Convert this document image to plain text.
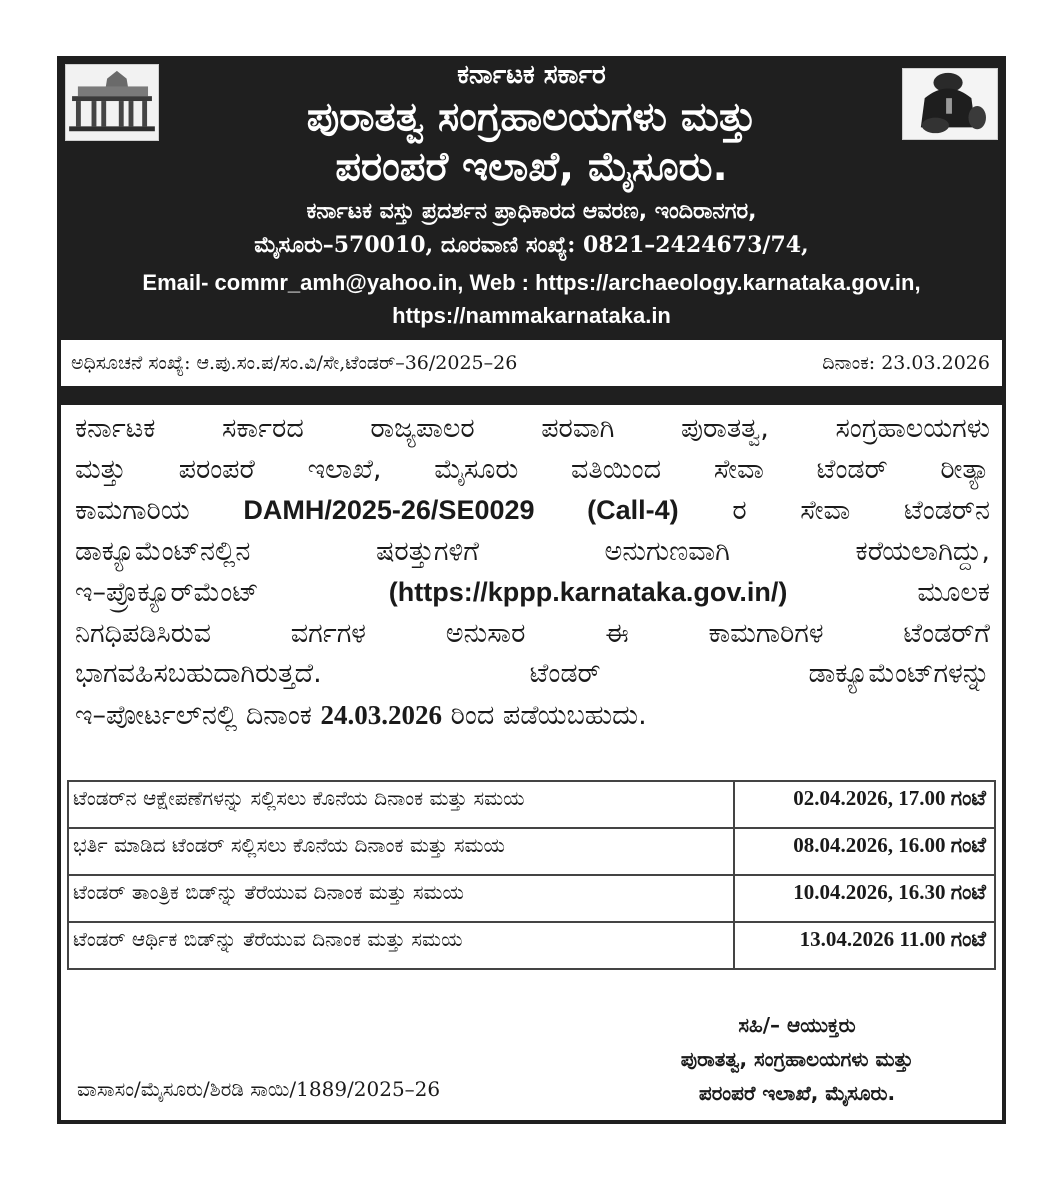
ಕರ್ನಾಟಕ ಸರ್ಕಾರ
ಪುರಾತತ್ವ ಸಂಗ್ರಹಾಲಯಗಳು ಮತ್ತು
ಪರಂಪರೆ ಇಲಾಖೆ, ಮೈಸೂರು.
ಕರ್ನಾಟಕ ವಸ್ತು ಪ್ರದರ್ಶನ ಪ್ರಾಧಿಕಾರದ ಆವರಣ, ಇಂದಿರಾನಗರ,
ಮೈಸೂರು–570010, ದೂರವಾಣಿ ಸಂಖ್ಯೆ: 0821–2424673/74,
Email- commr_amh@yahoo.in, Web : https://archaeology.karnataka.gov.in,
https://nammakarnataka.in
ಅಧಿಸೂಚನೆ ಸಂಖ್ಯೆ: ಆ.ಪು.ಸಂ.ಪ/ಸಂ.ವಿ/ಸೇ,ಟೆಂಡರ್–36/2025–26	ದಿನಾಂಕ: 23.03.2026
ಕರ್ನಾಟಕ ಸರ್ಕಾರದ ರಾಜ್ಯಪಾಲರ ಪರವಾಗಿ ಪುರಾತತ್ವ, ಸಂಗ್ರಹಾಲಯಗಳು
ಮತ್ತು ಪರಂಪರೆ ಇಲಾಖೆ, ಮೈಸೂರು ವತಿಯಿಂದ ಸೇವಾ ಟೆಂಡರ್ ರೀತ್ಯಾ
ಕಾಮಗಾರಿಯ DAMH/2025-26/SE0029 (Call-4) ರ ಸೇವಾ ಟೆಂಡರ್‌ನ
ಡಾಕ್ಯೂಮೆಂಟ್‌ನಲ್ಲಿನ ಷರತ್ತುಗಳಿಗೆ ಅನುಗುಣವಾಗಿ ಕರೆಯಲಾಗಿದ್ದು,
ಇ–ಪ್ರೊಕ್ಯೂರ್‌ಮೆಂಟ್	(https://kppp.karnataka.gov.in/)	ಮೂಲಕ
ನಿಗಧಿಪಡಿಸಿರುವ ವರ್ಗಗಳ ಅನುಸಾರ ಈ ಕಾಮಗಾರಿಗಳ ಟೆಂಡರ್‌ಗೆ
ಭಾಗವಹಿಸಬಹುದಾಗಿರುತ್ತದೆ. ಟೆಂಡರ್ ಡಾಕ್ಯೂಮೆಂಟ್‌ಗಳನ್ನು
ಇ–ಪೋರ್ಟಲ್‌ನಲ್ಲಿ ದಿನಾಂಕ 24.03.2026 ರಿಂದ ಪಡೆಯಬಹುದು.
ಟೆಂಡರ್‌ನ ಆಕ್ಷೇಪಣೆಗಳನ್ನು ಸಲ್ಲಿಸಲು ಕೊನೆಯ ದಿನಾಂಕ ಮತ್ತು ಸಮಯ	02.04.2026, 17.00 ಗಂಟೆ
ಭರ್ತಿ ಮಾಡಿದ ಟೆಂಡರ್ ಸಲ್ಲಿಸಲು ಕೊನೆಯ ದಿನಾಂಕ ಮತ್ತು ಸಮಯ	08.04.2026, 16.00 ಗಂಟೆ
ಟೆಂಡರ್ ತಾಂತ್ರಿಕ ಬಿಡ್‌ನ್ನು ತೆರೆಯುವ ದಿನಾಂಕ ಮತ್ತು ಸಮಯ	10.04.2026, 16.30 ಗಂಟೆ
ಟೆಂಡರ್ ಆರ್ಥಿಕ ಬಿಡ್‌ನ್ನು ತೆರೆಯುವ ದಿನಾಂಕ ಮತ್ತು ಸಮಯ	13.04.2026 11.00 ಗಂಟೆ
ಸಹಿ/– ಆಯುಕ್ತರು
ಪುರಾತತ್ವ, ಸಂಗ್ರಹಾಲಯಗಳು ಮತ್ತು
ಪರಂಪರೆ ಇಲಾಖೆ, ಮೈಸೂರು.
ವಾಸಾಸಂ/ಮೈಸೂರು/ಶಿರಡಿ ಸಾಯಿ/1889/2025–26
